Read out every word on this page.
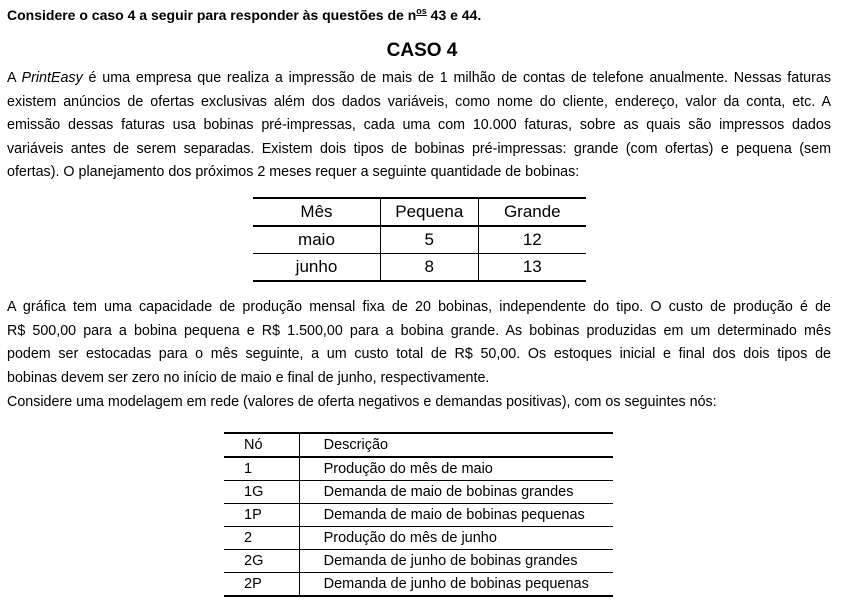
Considere o caso 4 a seguir para responder às questões de $n^{os}$ 43 e 44.
CASO 4
A PrintEasy é uma empresa que realiza a impressão de mais de 1 milhão de contas de telefone anualmente. Nessas faturas
existem anúncios de ofertas exclusivas além dos dados variáveis, como nome do cliente, endereço, valor da conta, etc. A
emissão dessas faturas usa bobinas pré-impressas, cada uma com 10.000 faturas, sobre as quais são impressos dados
variáveis antes de serem separadas. Existem dois tipos de bobinas pré-impressas: grande (com ofertas) e pequena (sem
ofertas). O planejamento dos próximos 2 meses requer a seguinte quantidade de bobinas:
Mês	Pequena	Grande
maio	5	12
junho	8	13
A gráfica tem uma capacidade de produção mensal fixa de 20 bobinas, independente do tipo. O custo de produção é de
R$ 500,00 para a bobina pequena e R$ 1.500,00 para a bobina grande. As bobinas produzidas em um determinado mês
podem ser estocadas para o mês seguinte, a um custo total de R$ 50,00. Os estoques inicial e final dos dois tipos de
bobinas devem ser zero no início de maio e final de junho, respectivamente.
Considere uma modelagem em rede (valores de oferta negativos e demandas positivas), com os seguintes nós:
Nó	Descrição
1	Produção do mês de maio
1G	Demanda de maio de bobinas grandes
1P	Demanda de maio de bobinas pequenas
2	Produção do mês de junho
2G	Demanda de junho de bobinas grandes
2P	Demanda de junho de bobinas pequenas
